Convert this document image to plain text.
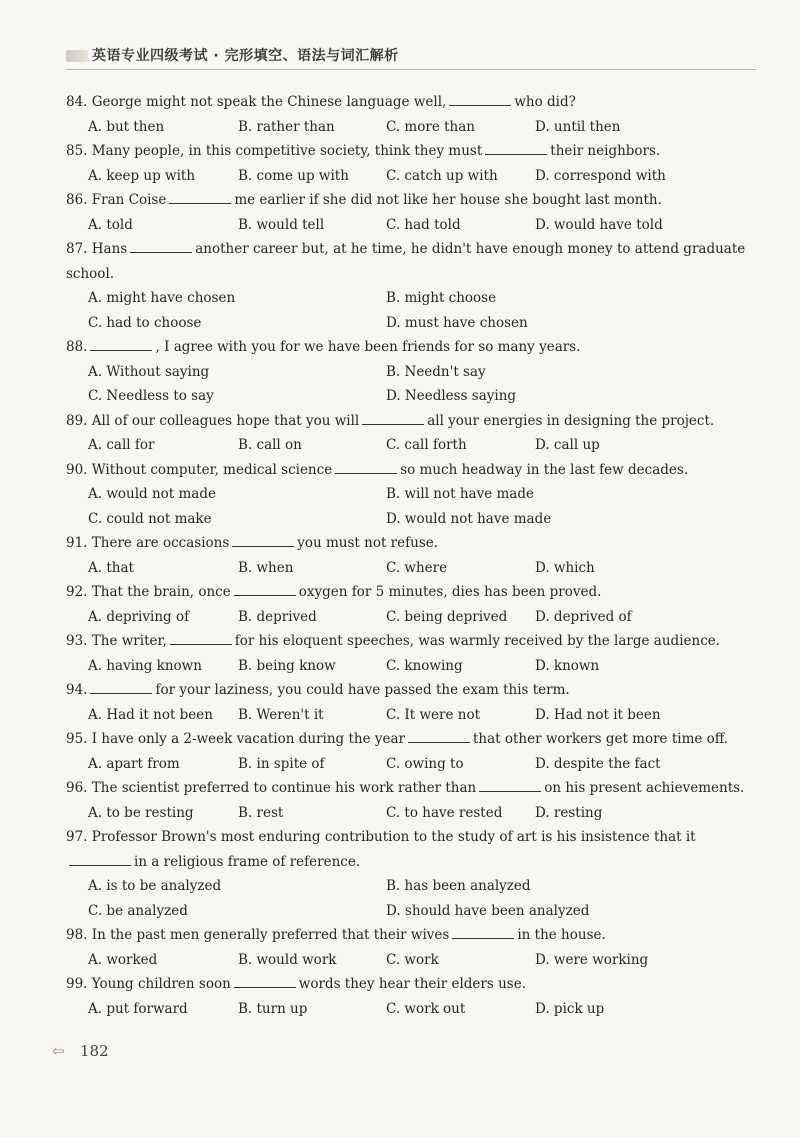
英语专业四级考试 · 完形填空、语法与词汇解析
84. George might not speak the Chinese language well,	who did?
A. but then	B. rather than	C. more than	D. until then
85. Many people, in this competitive society, think they must	their neighbors.
A. keep up with	B. come up with	C. catch up with	D. correspond with
86. Fran Coise	me earlier if she did not like her house she bought last month.
A. told	B. would tell	C. had told	D. would have told
87. Hans	another career but, at he time, he didn't have enough money to attend graduate school.
A. might have chosen	B. might choose
C. had to choose	D. must have chosen
88.	, I agree with you for we have been friends for so many years.
A. Without saying	B. Needn't say
C. Needless to say	D. Needless saying
89. All of our colleagues hope that you will	all your energies in designing the project.
A. call for	B. call on	C. call forth	D. call up
90. Without computer, medical science	so much headway in the last few decades.
A. would not made	B. will not have made
C. could not make	D. would not have made
91. There are occasions	you must not refuse.
A. that	B. when	C. where	D. which
92. That the brain, once	oxygen for 5 minutes, dies has been proved.
A. depriving of	B. deprived	C. being deprived	D. deprived of
93. The writer,	for his eloquent speeches, was warmly received by the large audience.
A. having known	B. being know	C. knowing	D. known
94.	for your laziness, you could have passed the exam this term.
A. Had it not been	B. Weren't it	C. It were not	D. Had not it been
95. I have only a 2-week vacation during the year	that other workers get more time off.
A. apart from	B. in spite of	C. owing to	D. despite the fact
96. The scientist preferred to continue his work rather than	on his present achievements.
A. to be resting	B. rest	C. to have rested	D. resting
97. Professor Brown's most enduring contribution to the study of art is his insistence that itin a religious frame of reference.
A. is to be analyzed	B. has been analyzed
C. be analyzed	D. should have been analyzed
98. In the past men generally preferred that their wives	in the house.
A. worked	B. would work	C. work	D. were working
99. Young children soon	words they hear their elders use.
A. put forward	B. turn up	C. work out	D. pick up
⇦ 182
